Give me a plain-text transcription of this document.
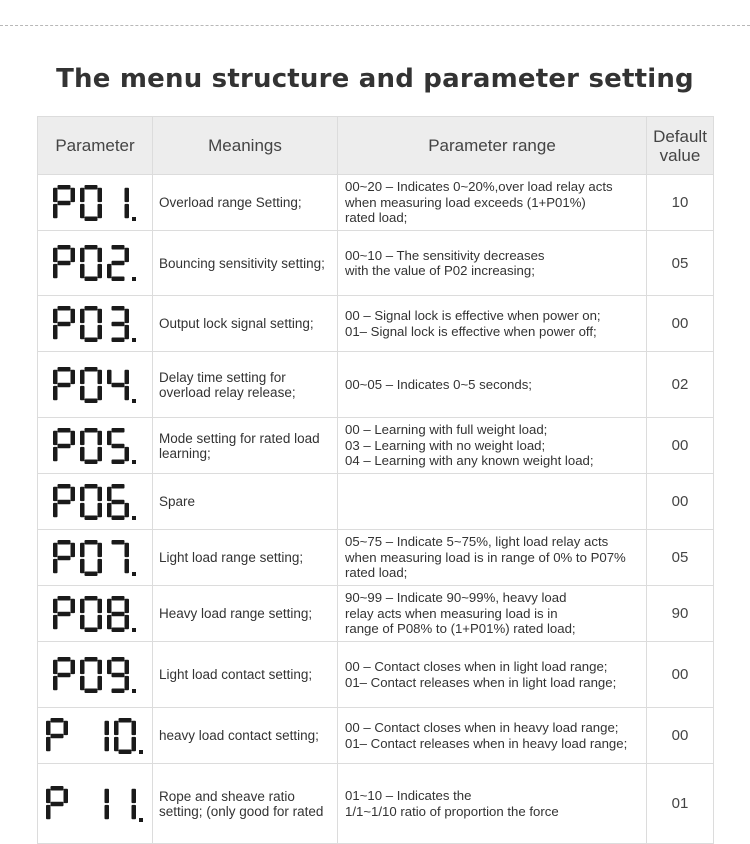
The menu structure and parameter setting
Parameter	Meanings	Parameter range	Default value

	Overload range Setting;	00~20 – Indicates 0~20%,over load relay acts
when measuring load exceeds (1+P01%)
rated load;	10

	Bouncing sensitivity setting;	00~10 – The sensitivity decreases
with the value of P02 increasing;	05

	Output lock signal setting;	00 – Signal lock is effective when power on;
01– Signal lock is effective when power off;	00

	Delay time setting for overload relay release;	00~05 – Indicates 0~5 seconds;	02

	Mode setting for rated load learning;	00 – Learning with full weight load;
03 – Learning with no weight load;
04 – Learning with any known weight load;	00

	Spare		00

	Light load range setting;	05~75 – Indicate 5~75%, light load relay acts
when measuring load is in range of 0% to P07%
rated load;	05

	Heavy load range setting;	90~99 – Indicate 90~99%, heavy load
relay acts when measuring load is in
range of P08% to (1+P01%) rated load;	90

	Light load contact setting;	00 – Contact closes when in light load range;
01– Contact releases when in light load range;	00

	heavy load contact setting;	00 – Contact closes when in heavy load range;
01– Contact releases when in heavy load range;	00

	Rope and sheave ratio setting; (only good for rated	01~10 – Indicates the
1/1~1/10 ratio of proportion the force	01
